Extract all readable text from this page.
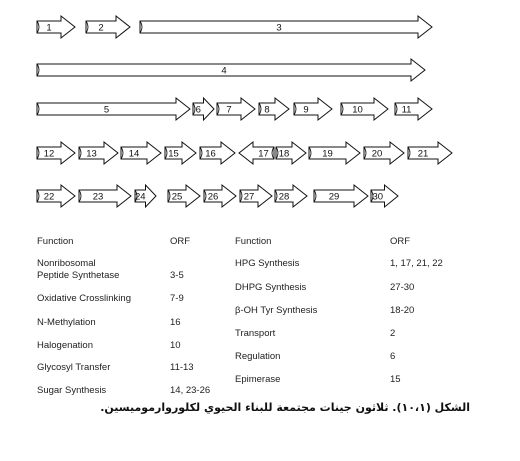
1	2	3
4
5	6	7	8	9	10	11
12	13	14	15	16	17 18	19	20	21
22	23	24	25	26	27	28	29	30
Function	ORF
Nonribosomal
Peptide Synthetase	3-5
Oxidative Crosslinking	7-9
N-Methylation	16
Halogenation	10
Glycosyl Transfer	11-13
Sugar Synthesis	14, 23-26
Function	ORF
HPG Synthesis	1, 17, 21, 22
DHPG Synthesis	27-30
β-OH Tyr Synthesis	18-20
Transport	2
Regulation	6
Epimerase	15
الشكل (١٠،١). ثلاثون جينات مجتمعة للبناء الحيوي لكلوروارموميسين.
